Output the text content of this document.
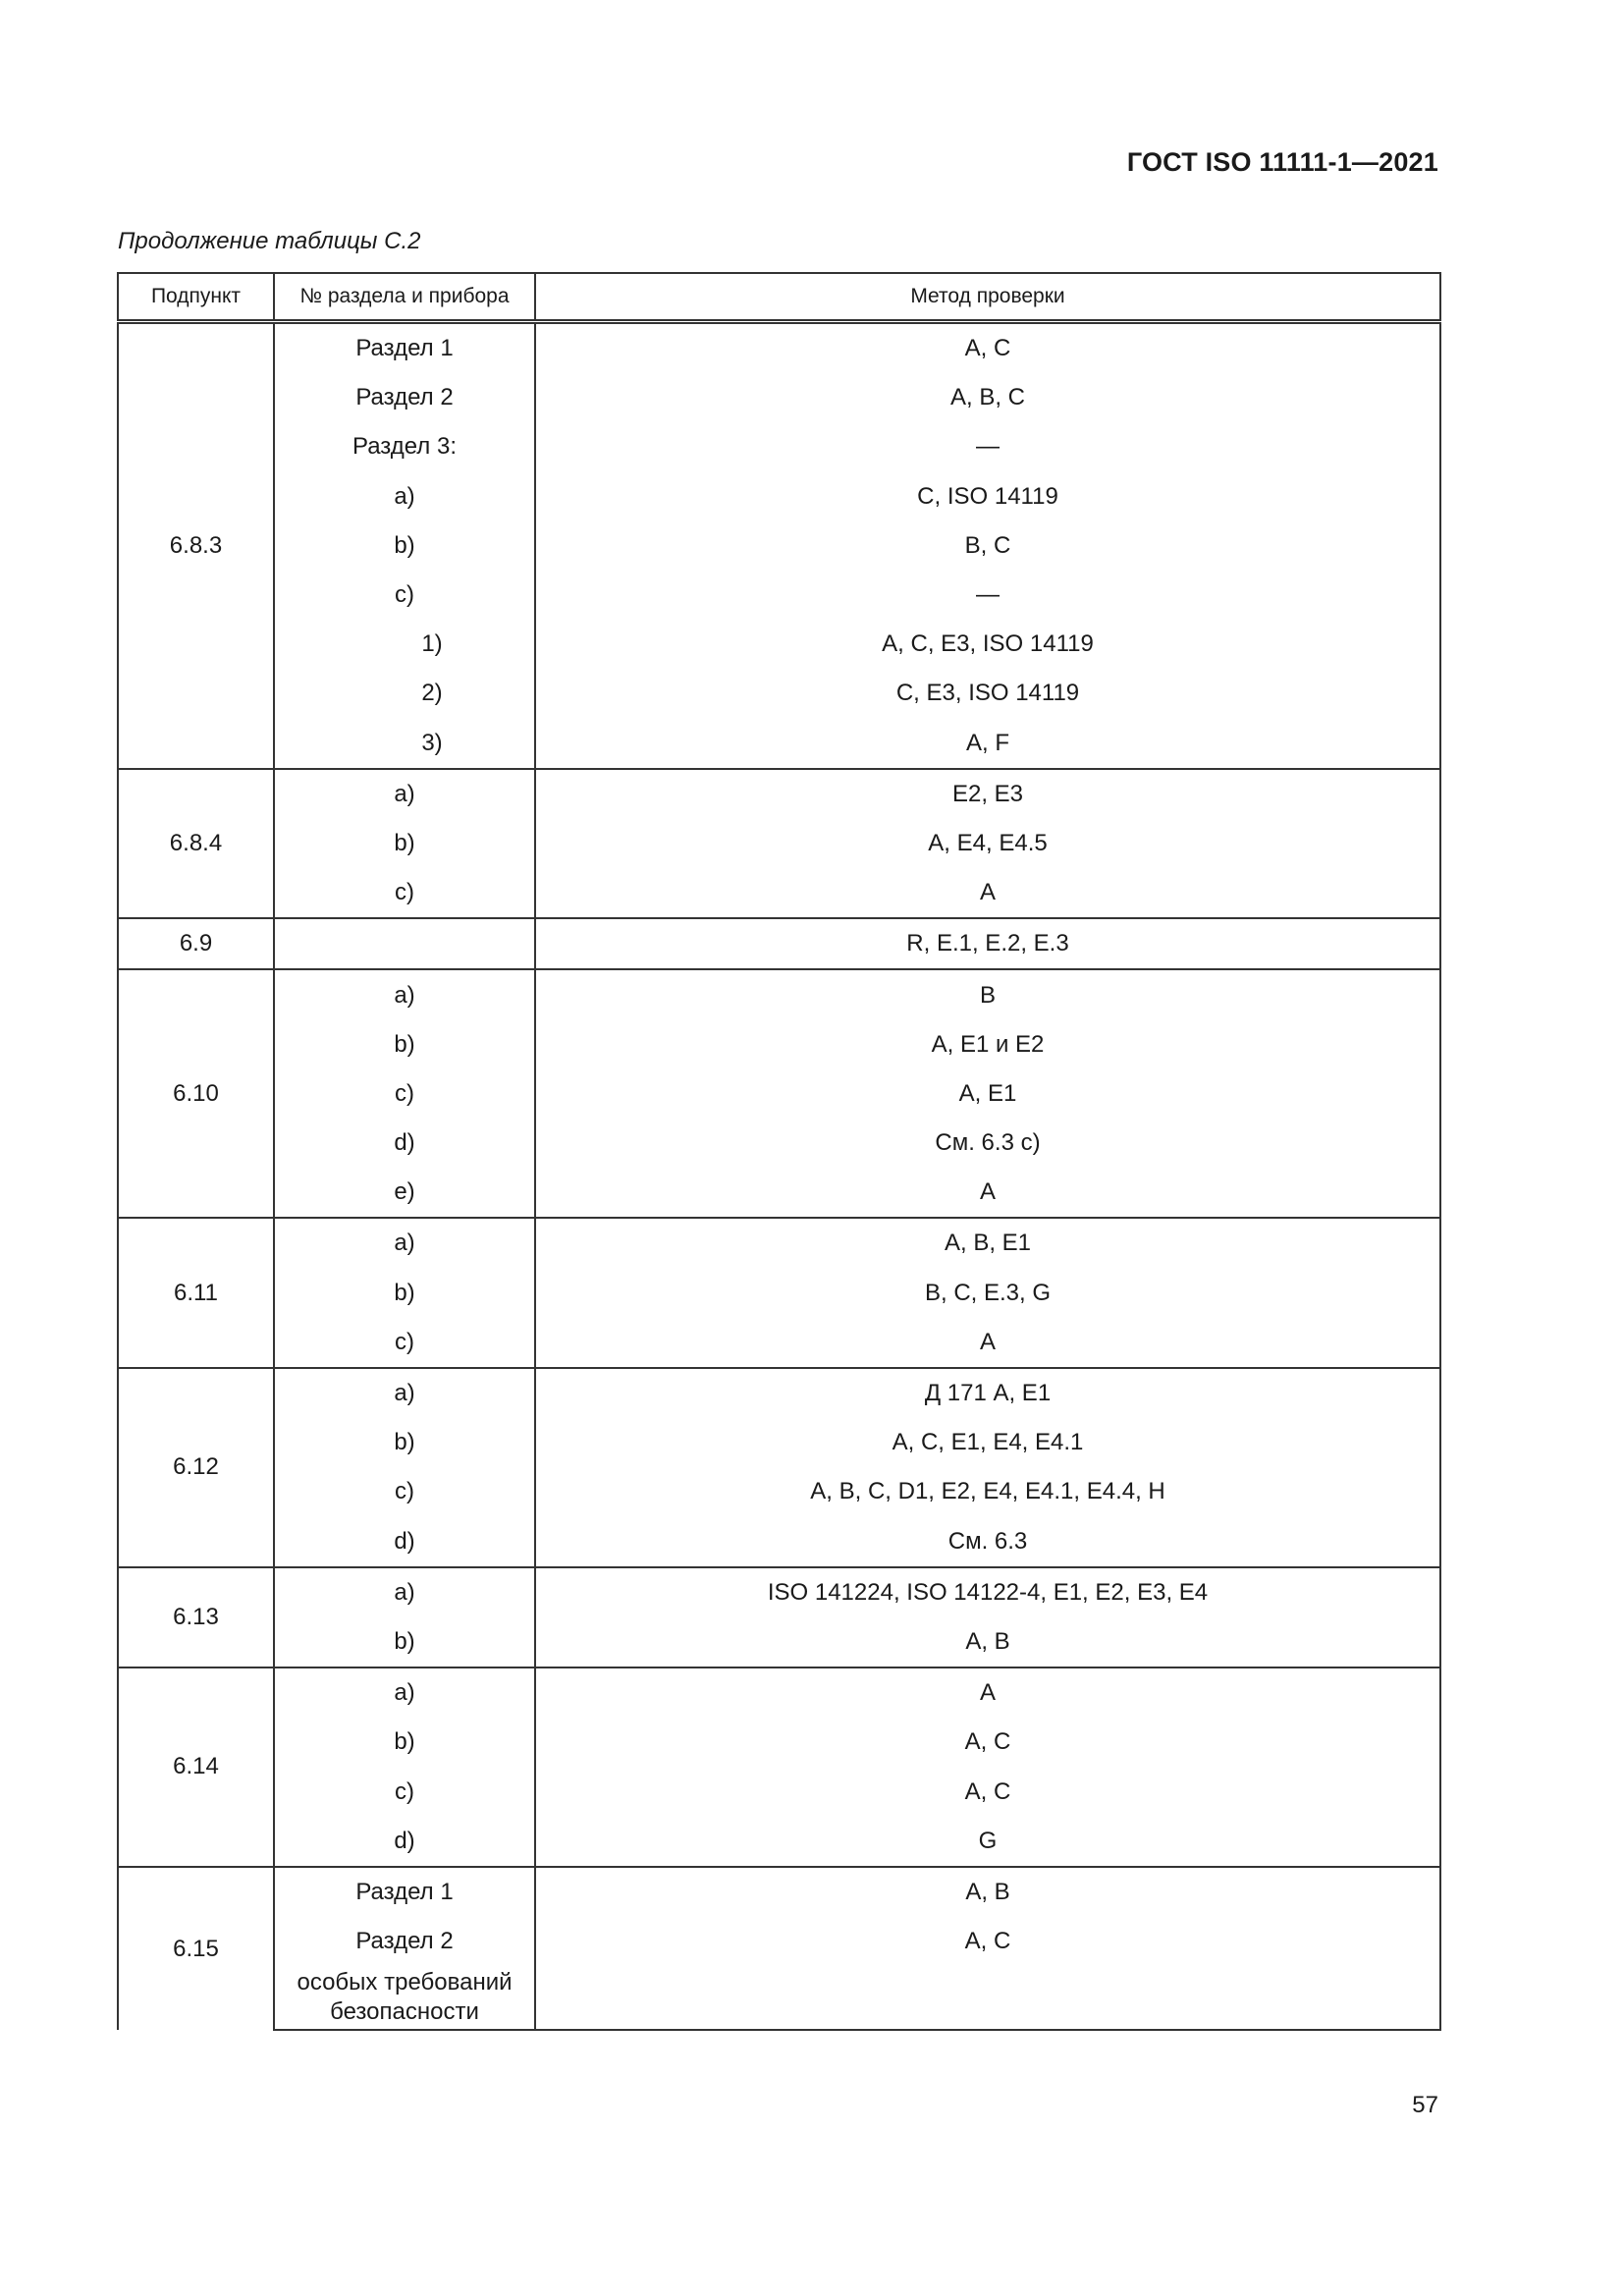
ГОСТ ISO 11111-1—2021
Продолжение таблицы С.2
Подпункт	№ раздела и прибора	Метод проверки
6.8.3	Раздел 1	А, С
	Раздел 2	А, В, С
	Раздел 3:	—
	a)	С, ISO 14119
	b)	В, С
	c)	—
	1)	А, С, Е3, ISO 14119
	2)	С, Е3, ISO 14119
	3)	А, F
6.8.4	a)	Е2, Е3
	b)	А, Е4, Е4.5
	c)	А
6.9		R, Е.1, Е.2, Е.3
6.10	a)	В
	b)	А, Е1 и Е2
	c)	А, Е1
	d)	См. 6.3 с)
	e)	А
6.11	a)	А, В, Е1
	b)	В, С, Е.3, G
	c)	А
6.12	a)	Д 171 А, Е1
	b)	А, С, Е1, Е4, Е4.1
	c)	А, В, С, D1, Е2, Е4, Е4.1, Е4.4, Н
	d)	См. 6.3
6.13	a)	ISO 141224, ISO 14122-4, Е1, Е2, Е3, Е4
	b)	А, В
6.14	a)	А
	b)	А, С
	c)	А, С
	d)	G
6.15	Раздел 1	А, В
	Раздел 2	А, С
	особых требований безопасности	
57
